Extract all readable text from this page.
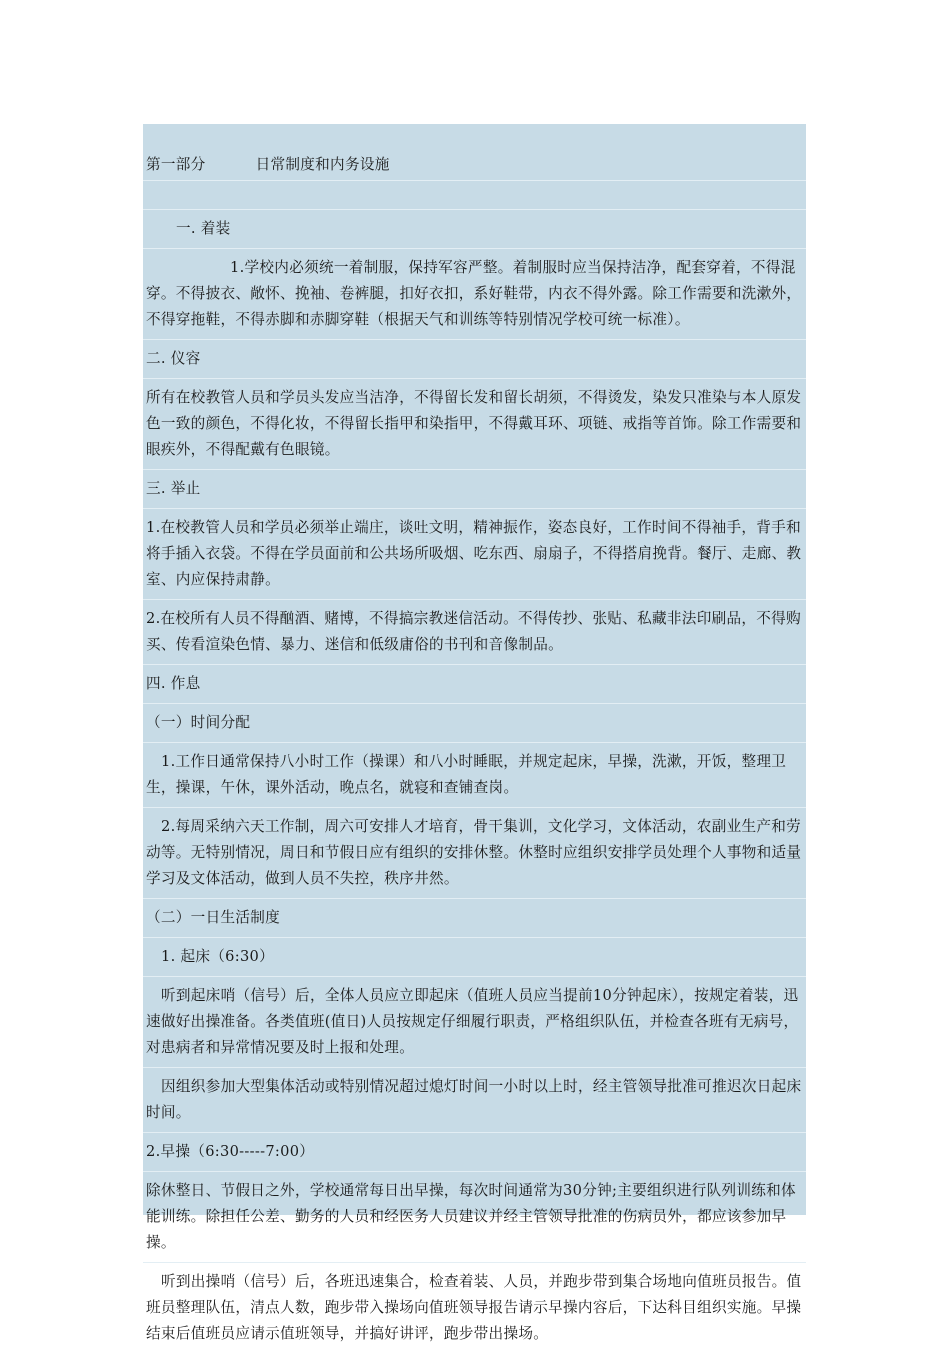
第一部分	日常制度和内务设施
一. 着装
1.学校内必须统一着制服，保持军容严整。着制服时应当保持洁净，配套穿着，不得混穿。不得披衣、敞怀、挽袖、卷裤腿，扣好衣扣，系好鞋带，内衣不得外露。除工作需要和洗漱外，不得穿拖鞋，不得赤脚和赤脚穿鞋（根据天气和训练等特别情况学校可统一标准）。
二. 仪容
所有在校教管人员和学员头发应当洁净，不得留长发和留长胡须，不得烫发，染发只准染与本人原发色一致的颜色，不得化妆，不得留长指甲和染指甲，不得戴耳环、项链、戒指等首饰。除工作需要和眼疾外，不得配戴有色眼镜。
三. 举止
1.在校教管人员和学员必须举止端庄，谈吐文明，精神振作，姿态良好，工作时间不得袖手，背手和将手插入衣袋。不得在学员面前和公共场所吸烟、吃东西、扇扇子，不得搭肩挽背。餐厅、走廊、教室、内应保持肃静。
2.在校所有人员不得酗酒、赌博，不得搞宗教迷信活动。不得传抄、张贴、私藏非法印刷品，不得购买、传看渲染色情、暴力、迷信和低级庸俗的书刊和音像制品。
四. 作息
（一）时间分配
1.工作日通常保持八小时工作（操课）和八小时睡眠，并规定起床，早操，洗漱，开饭，整理卫生，操课，午休，课外活动，晚点名，就寝和查铺查岗。
2.每周采纳六天工作制，周六可安排人才培育，骨干集训，文化学习，文体活动，农副业生产和劳动等。无特别情况，周日和节假日应有组织的安排休整。休整时应组织安排学员处理个人事物和适量学习及文体活动，做到人员不失控，秩序井然。
（二）一日生活制度
1. 起床（6:30）
听到起床哨（信号）后，全体人员应立即起床（值班人员应当提前10分钟起床），按规定着装，迅速做好出操准备。各类值班(值日)人员按规定仔细履行职责，严格组织队伍，并检查各班有无病号，对患病者和异常情况要及时上报和处理。
因组织参加大型集体活动或特别情况超过熄灯时间一小时以上时，经主管领导批准可推迟次日起床时间。
2.早操（6:30-----7:00）
除休整日、节假日之外，学校通常每日出早操，每次时间通常为30分钟;主要组织进行队列训练和体能训练。除担任公差、勤务的人员和经医务人员建议并经主管领导批准的伤病员外，都应该参加早操。
听到出操哨（信号）后，各班迅速集合，检查着装、人员，并跑步带到集合场地向值班员报告。值班员整理队伍，清点人数，跑步带入操场向值班领导报告请示早操内容后，下达科目组织实施。早操结束后值班员应请示值班领导，并搞好讲评，跑步带出操场。
